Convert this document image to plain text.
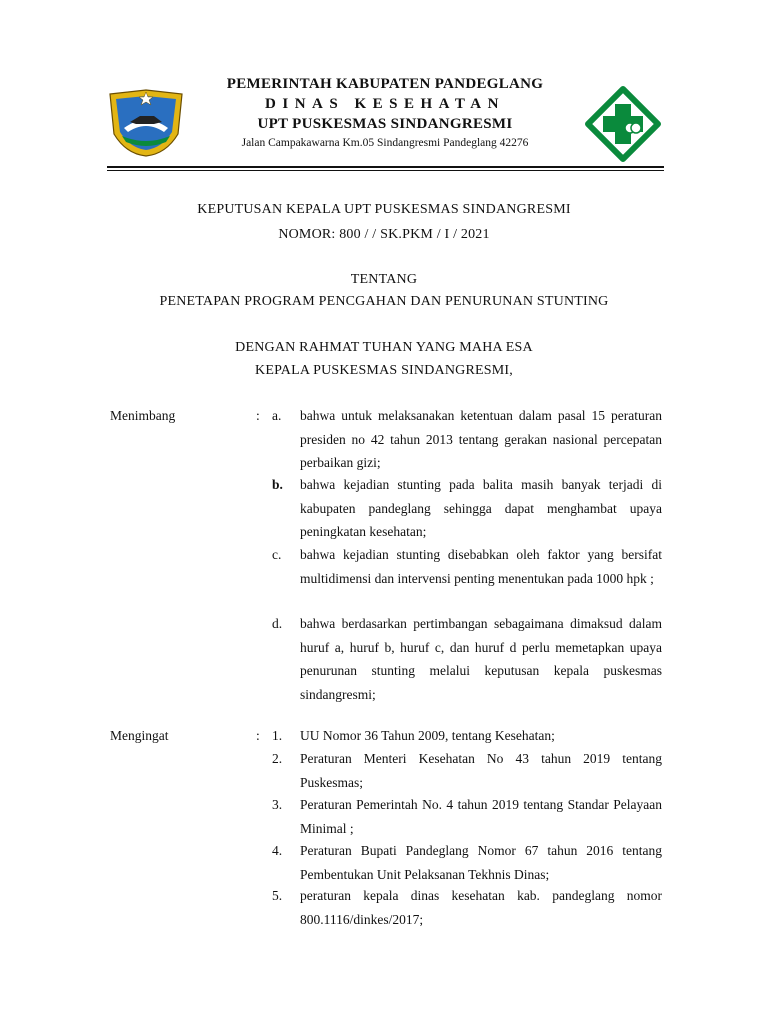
PEMERINTAH KABUPATEN PANDEGLANG
DINAS KESEHATAN
UPT PUSKESMAS SINDANGRESMI
Jalan Campakawarna Km.05 Sindangresmi Pandeglang 42276
KEPUTUSAN KEPALA UPT PUSKESMAS SINDANGRESMI
NOMOR: 800 / / SK.PKM / I / 2021
TENTANG
PENETAPAN PROGRAM PENCGAHAN DAN PENURUNAN STUNTING
DENGAN RAHMAT TUHAN YANG MAHA ESA
KEPALA PUSKESMAS SINDANGRESMI,
Menimbang	: a. bahwa untuk melaksanakan ketentuan dalam pasal 15 peraturan presiden no 42 tahun 2013 tentang gerakan nasional percepatan perbaikan gizi;
b. bahwa kejadian stunting pada balita masih banyak terjadi di kabupaten pandeglang sehingga dapat menghambat upaya peningkatan kesehatan;
c. bahwa kejadian stunting disebabkan oleh faktor yang bersifat multidimensi dan intervensi penting menentukan pada 1000 hpk ;
d. bahwa berdasarkan pertimbangan sebagaimana dimaksud dalam huruf a, huruf b, huruf c, dan huruf d perlu memetapkan upaya penurunan stunting melalui keputusan kepala puskesmas sindangresmi;
Mengingat	: 1. UU Nomor 36 Tahun 2009, tentang Kesehatan;
2. Peraturan Menteri Kesehatan No 43 tahun 2019 tentang Puskesmas;
3. Peraturan Pemerintah No. 4 tahun 2019 tentang Standar Pelayaan Minimal ;
4. Peraturan Bupati Pandeglang Nomor 67 tahun 2016 tentang Pembentukan Unit Pelaksanan Tekhnis Dinas;
5. peraturan kepala dinas kesehatan kab. pandeglang nomor 800.1116/dinkes/2017;
